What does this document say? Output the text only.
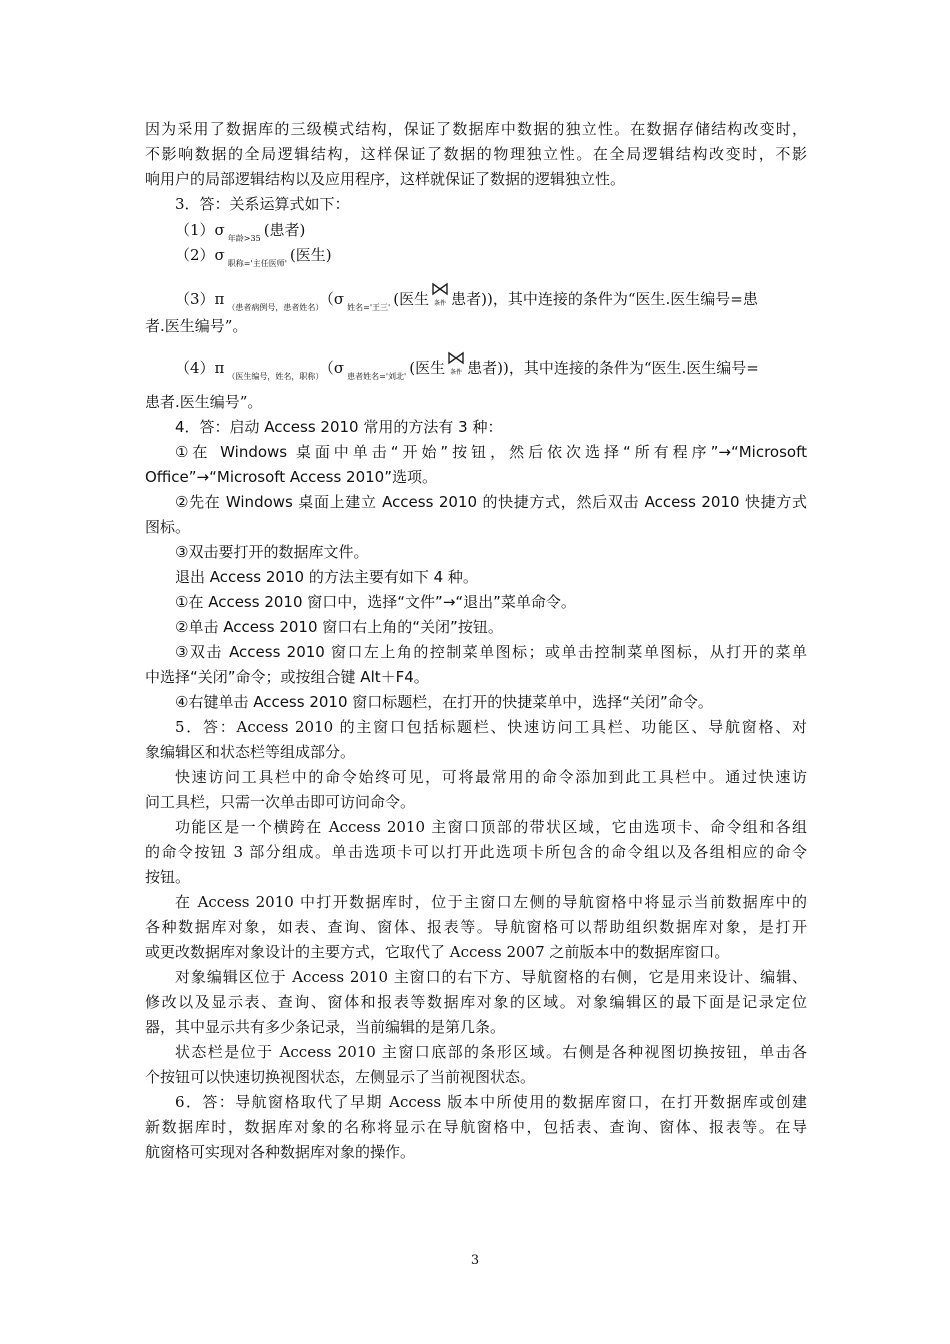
因为采用了数据库的三级模式结构，保证了数据库中数据的独立性。在数据存储结构改变时，
不影响数据的全局逻辑结构，这样保证了数据的物理独立性。在全局逻辑结构改变时，不影
响用户的局部逻辑结构以及应用程序，这样就保证了数据的逻辑独立性。
3．答：关系运算式如下：
（1）σ $_{年龄>35}$ (患者)
（2）σ $_{职称='主任医师'}$ (医生)
（3）π $_{(患者病例号,患者姓名)}$ （σ $_{姓名='王三'}$ (医生 条件 患者))，其中连接的条件为“医生.医生编号=患
者.医生编号”。
（4）π $_{(医生编号,姓名,职称)}$ （σ $_{患者姓名='刘北'}$ (医生 条件 患者))，其中连接的条件为“医生.医生编号=
患者.医生编号”。
4．答：启动 Access 2010 常用的方法有 3 种：
①在 Windows 桌面中单击“开始”按钮，然后依次选择“所有程序”→“Microsoft
Office”→“Microsoft Access 2010”选项。
②先在 Windows 桌面上建立 Access 2010 的快捷方式，然后双击 Access 2010 快捷方式
图标。
③双击要打开的数据库文件。
退出 Access 2010 的方法主要有如下 4 种。
①在 Access 2010 窗口中，选择“文件”→“退出”菜单命令。
②单击 Access 2010 窗口右上角的“关闭”按钮。
③双击 Access 2010 窗口左上角的控制菜单图标；或单击控制菜单图标，从打开的菜单
中选择“关闭”命令；或按组合键 Alt＋F4。
④右键单击 Access 2010 窗口标题栏，在打开的快捷菜单中，选择“关闭”命令。
5．答：Access 2010 的主窗口包括标题栏、快速访问工具栏、功能区、导航窗格、对
象编辑区和状态栏等组成部分。
快速访问工具栏中的命令始终可见，可将最常用的命令添加到此工具栏中。通过快速访
问工具栏，只需一次单击即可访问命令。
功能区是一个横跨在 Access 2010 主窗口顶部的带状区域，它由选项卡、命令组和各组
的命令按钮 3 部分组成。单击选项卡可以打开此选项卡所包含的命令组以及各组相应的命令
按钮。
在 Access 2010 中打开数据库时，位于主窗口左侧的导航窗格中将显示当前数据库中的
各种数据库对象，如表、查询、窗体、报表等。导航窗格可以帮助组织数据库对象，是打开
或更改数据库对象设计的主要方式，它取代了 Access 2007 之前版本中的数据库窗口。
对象编辑区位于 Access 2010 主窗口的右下方、导航窗格的右侧，它是用来设计、编辑、
修改以及显示表、查询、窗体和报表等数据库对象的区域。对象编辑区的最下面是记录定位
器，其中显示共有多少条记录，当前编辑的是第几条。
状态栏是位于 Access 2010 主窗口底部的条形区域。右侧是各种视图切换按钮，单击各
个按钮可以快速切换视图状态，左侧显示了当前视图状态。
6．答：导航窗格取代了早期 Access 版本中所使用的数据库窗口，在打开数据库或创建
新数据库时，数据库对象的名称将显示在导航窗格中，包括表、查询、窗体、报表等。在导
航窗格可实现对各种数据库对象的操作。
3
